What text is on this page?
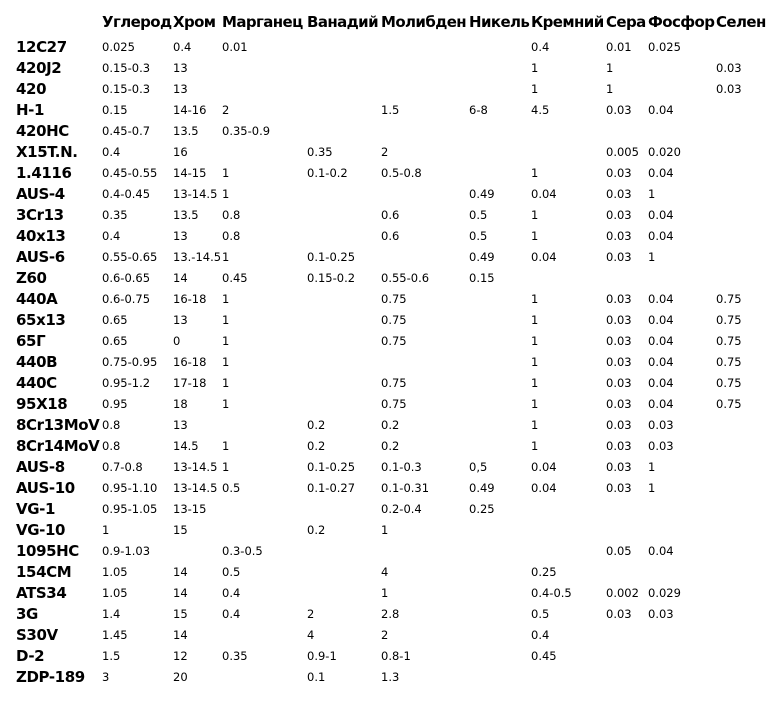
	Углерод	Хром	Марганец	Ванадий	Молибден	Никель	Кремний	Сера	Фосфор	Селен
12C27	0.025	0.4	0.01				0.4	0.01	0.025	
420J2	0.15-0.3	13					1	1		0.03
420	0.15-0.3	13					1	1		0.03
H-1	0.15	14-16	2		1.5	6-8	4.5	0.03	0.04	
420HC	0.45-0.7	13.5	0.35-0.9							
X15T.N.	0.4	16		0.35	2			0.005	0.020	
1.4116	0.45-0.55	14-15	1	0.1-0.2	0.5-0.8		1	0.03	0.04	
AUS-4	0.4-0.45	13-14.5	1			0.49	0.04	0.03	1	
3Cr13	0.35	13.5	0.8		0.6	0.5	1	0.03	0.04	
40x13	0.4	13	0.8		0.6	0.5	1	0.03	0.04	
AUS-6	0.55-0.65	13.-14.5	1	0.1-0.25		0.49	0.04	0.03	1	
Z60	0.6-0.65	14	0.45	0.15-0.2	0.55-0.6	0.15				
440A	0.6-0.75	16-18	1		0.75		1	0.03	0.04	0.75
65x13	0.65	13	1		0.75		1	0.03	0.04	0.75
65Г	0.65	0	1		0.75		1	0.03	0.04	0.75
440B	0.75-0.95	16-18	1				1	0.03	0.04	0.75
440C	0.95-1.2	17-18	1		0.75		1	0.03	0.04	0.75
95X18	0.95	18	1		0.75		1	0.03	0.04	0.75
8Cr13MoV	0.8	13		0.2	0.2		1	0.03	0.03	
8Cr14MoV	0.8	14.5	1	0.2	0.2		1	0.03	0.03	
AUS-8	0.7-0.8	13-14.5	1	0.1-0.25	0.1-0.3	0,5	0.04	0.03	1	
AUS-10	0.95-1.10	13-14.5	0.5	0.1-0.27	0.1-0.31	0.49	0.04	0.03	1	
VG-1	0.95-1.05	13-15			0.2-0.4	0.25				
VG-10	1	15		0.2	1					
1095HC	0.9-1.03		0.3-0.5					0.05	0.04	
154CM	1.05	14	0.5		4		0.25			
ATS34	1.05	14	0.4		1		0.4-0.5	0.002	0.029	
3G	1.4	15	0.4	2	2.8		0.5	0.03	0.03	
S30V	1.45	14		4	2		0.4			
D-2	1.5	12	0.35	0.9-1	0.8-1		0.45			
ZDP-189	3	20		0.1	1.3					
